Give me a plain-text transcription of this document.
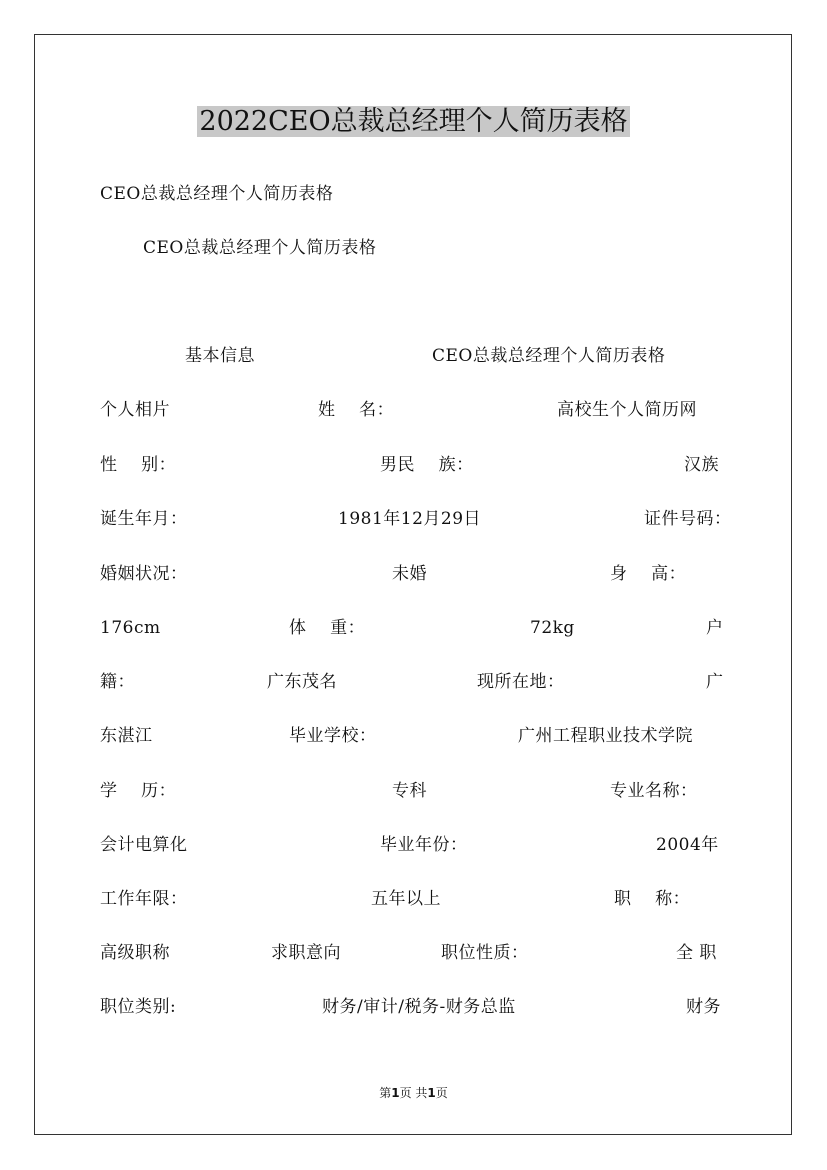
2022CEO总裁总经理个人简历表格
CEO总裁总经理个人简历表格
CEO总裁总经理个人简历表格
基本信息	CEO总裁总经理个人简历表格
个人相片	姓    名：	高校生个人简历网
性    别：	男民    族：	汉族
诞生年月：	1981年12月29日	证件号码：
婚姻状况：	未婚	身    高：
176cm	体    重：	72kg	户
籍：	广东茂名	现所在地：	广
东湛江	毕业学校：	广州工程职业技术学院
学    历：	专科	专业名称：
会计电算化	毕业年份：	2004年
工作年限：	五年以上	职    称：
高级职称	求职意向	职位性质：	全 职
职位类别:	财务/审计/税务-财务总监	财务
第1页 共1页
